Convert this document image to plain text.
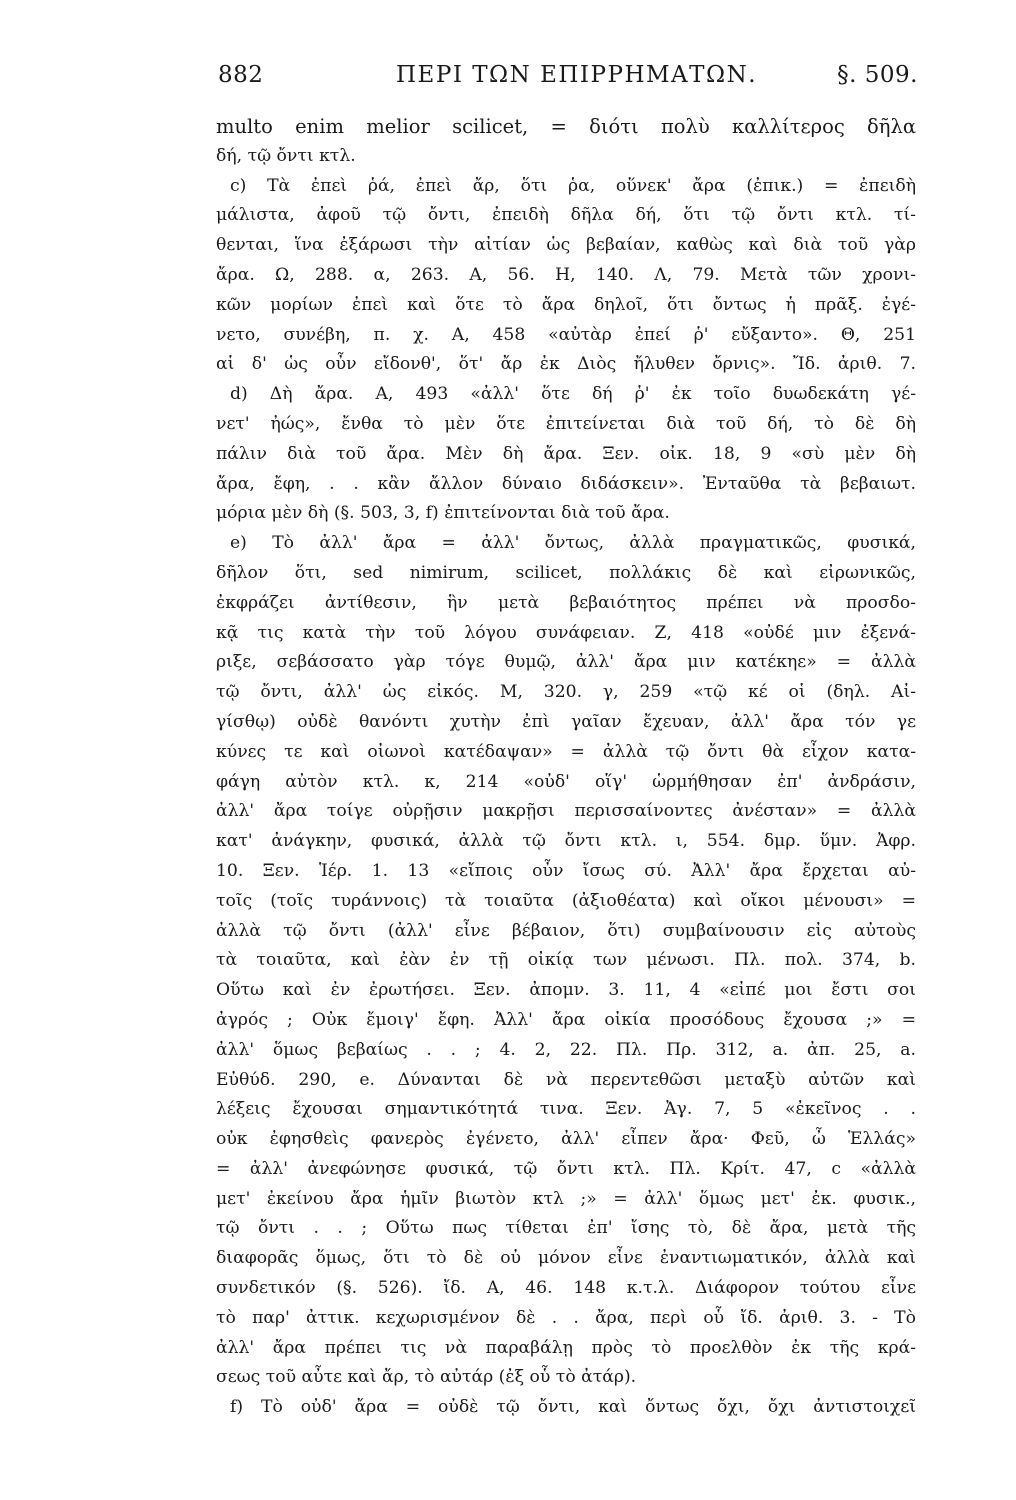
882	ΠΕΡΙ ΤΩΝ ΕΠΙΡΡΗΜΑΤΩΝ.	§. 509.
multo enim melior scilicet, = διότι πολὺ καλλίτερος δῆλα
δή, τῷ ὄντι κτλ.
c) Τὰ ἐπεὶ ῥά, ἐπεὶ ἄρ, ὅτι ῥα, οὕνεκ' ἄρα (ἐπικ.) = ἐπειδὴ
μάλιστα, ἀφοῦ τῷ ὄντι, ἐπειδὴ δῆλα δή, ὅτι τῷ ὄντι κτλ. τί-
θενται, ἵνα ἐξάρωσι τὴν αἰτίαν ὡς βεβαίαν, καθὼς καὶ διὰ τοῦ γὰρ
ἄρα. Ω, 288. α, 263. Α, 56. Η, 140. Λ, 79. Μετὰ τῶν χρονι-
κῶν μορίων ἐπεὶ καὶ ὅτε τὸ ἄρα δηλοῖ, ὅτι ὄντως ἡ πρᾶξ. ἐγέ-
νετο, συνέβη, π. χ. Α, 458 «αὐτὰρ ἐπεί ῥ' εὔξαντο». Θ, 251
αἱ δ' ὡς οὖν εἴδονθ', ὅτ' ἄρ ἐκ Διὸς ἤλυθεν ὄρνις». Ἴδ. ἀριθ. 7.
d) Δὴ ἄρα. Α, 493 «ἀλλ' ὅτε δή ῥ' ἐκ τοῖο δυωδεκάτη γέ-
νετ' ἠώς», ἔνθα τὸ μὲν ὅτε ἐπιτείνεται διὰ τοῦ δή, τὸ δὲ δὴ
πάλιν διὰ τοῦ ἄρα. Μὲν δὴ ἄρα. Ξεν. οἰκ. 18, 9 «σὺ μὲν δὴ
ἄρα, ἔφη, . . κἂν ἄλλον δύναιο διδάσκειν». Ἐνταῦθα τὰ βεβαιωτ.
μόρια μὲν δὴ (§. 503, 3, f) ἐπιτείνονται διὰ τοῦ ἄρα.
e) Τὸ ἀλλ' ἄρα = ἀλλ' ὄντως, ἀλλὰ πραγματικῶς, φυσικά,
δῆλον ὅτι, sed nimirum, scilicet, πολλάκις δὲ καὶ εἰρωνικῶς,
ἐκφράζει ἀντίθεσιν, ἣν μετὰ βεβαιότητος πρέπει νὰ προσδο-
κᾷ τις κατὰ τὴν τοῦ λόγου συνάφειαν. Ζ, 418 «οὐδέ μιν ἐξενά-
ριξε, σεβάσσατο γὰρ τόγε θυμῷ, ἀλλ' ἄρα μιν κατέκηε» = ἀλλὰ
τῷ ὄντι, ἀλλ' ὡς εἰκός. Μ, 320. γ, 259 «τῷ κέ οἱ (δηλ. Αἰ-
γίσθῳ) οὐδὲ θανόντι χυτὴν ἐπὶ γαῖαν ἔχευαν, ἀλλ' ἄρα τόν γε
κύνες τε καὶ οἰωνοὶ κατέδαψαν» = ἀλλὰ τῷ ὄντι θὰ εἶχον κατα-
φάγη αὐτὸν κτλ. κ, 214 «οὐδ' οἵγ' ὡρμήθησαν ἐπ' ἀνδράσιν,
ἀλλ' ἄρα τοίγε οὐρῇσιν μακρῇσι περισσαίνοντες ἀνέσταν» = ἀλλὰ
κατ' ἀνάγκην, φυσικά, ἀλλὰ τῷ ὄντι κτλ. ι, 554. δμρ. ὕμν. Ἀφρ.
10. Ξεν. Ἱέρ. 1. 13 «εἴποις οὖν ἴσως σύ. Ἀλλ' ἄρα ἔρχεται αὐ-
τοῖς (τοῖς τυράννοις) τὰ τοιαῦτα (ἀξιοθέατα) καὶ οἴκοι μένουσι» =
ἀλλὰ τῷ ὄντι (ἀλλ' εἶνε βέβαιον, ὅτι) συμβαίνουσιν εἰς αὐτοὺς
τὰ τοιαῦτα, καὶ ἐὰν ἐν τῇ οἰκίᾳ των μένωσι. Πλ. πολ. 374, b.
Οὕτω καὶ ἐν ἐρωτήσει. Ξεν. ἀπομν. 3. 11, 4 «εἰπέ μοι ἔστι σοι
ἀγρός ; Οὐκ ἔμοιγ' ἔφη. Ἀλλ' ἄρα οἰκία προσόδους ἔχουσα ;» =
ἀλλ' ὅμως βεβαίως . . ; 4. 2, 22. Πλ. Πρ. 312, a. ἀπ. 25, a.
Εὐθύδ. 290, e. Δύνανται δὲ νὰ περεντεθῶσι μεταξὺ αὐτῶν καὶ
λέξεις ἔχουσαι σημαντικότητά τινα. Ξεν. Ἀγ. 7, 5 «ἐκεῖνος . .
οὐκ ἐφησθεὶς φανερὸς ἐγένετο, ἀλλ' εἶπεν ἄρα· Φεῦ, ὦ Ἑλλάς»
= ἀλλ' ἀνεφώνησε φυσικά, τῷ ὄντι κτλ. Πλ. Κρίτ. 47, c «ἀλλὰ
μετ' ἐκείνου ἄρα ἡμῖν βιωτὸν κτλ ;» = ἀλλ' ὅμως μετ' ἐκ. φυσικ.,
τῷ ὄντι . . ; Οὕτω πως τίθεται ἐπ' ἴσης τὸ, δὲ ἄρα, μετὰ τῆς
διαφορᾶς ὅμως, ὅτι τὸ δὲ οὐ μόνον εἶνε ἐναντιωματικόν, ἀλλὰ καὶ
συνδετικόν (§. 526). ἴδ. Α, 46. 148 κ.τ.λ. Διάφορον τούτου εἶνε
τὸ παρ' ἀττικ. κεχωρισμένον δὲ . . ἄρα, περὶ οὗ ἴδ. ἀριθ. 3. - Τὸ
ἀλλ' ἄρα πρέπει τις νὰ παραβάλῃ πρὸς τὸ προελθὸν ἐκ τῆς κρά-
σεως τοῦ αὖτε καὶ ἄρ, τὸ αὐτάρ (ἐξ οὗ τὸ ἀτάρ).
f) Τὸ οὐδ' ἄρα = οὐδὲ τῷ ὄντι, καὶ ὄντως ὄχι, ὄχι ἀντιστοιχεῖ
